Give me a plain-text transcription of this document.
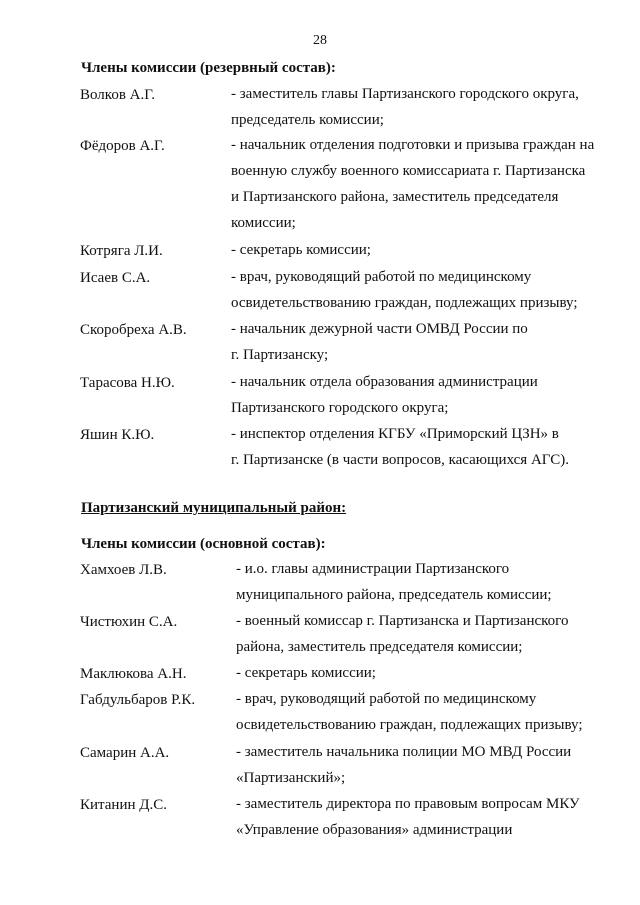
28
Члены комиссии (резервный состав):
Волков А.Г.	- заместитель главы Партизанского городского округа,
председатель комиссии;
Фёдоров А.Г.	- начальник отделения подготовки и призыва граждан на
военную службу военного комиссариата г. Партизанска
и Партизанского района, заместитель председателя
комиссии;
Котряга Л.И.	- секретарь комиссии;
Исаев С.А.	- врач, руководящий работой по медицинскому
освидетельствованию граждан, подлежащих призыву;
Скоробреха А.В.	- начальник дежурной части ОМВД России по
г. Партизанску;
Тарасова Н.Ю.	- начальник отдела образования администрации
Партизанского городского округа;
Яшин К.Ю.	- инспектор отделения КГБУ «Приморский ЦЗН» в
г. Партизанске (в части вопросов, касающихся АГС).
Партизанский муниципальный район:
Члены комиссии (основной состав):
Хамхоев Л.В.	- и.о. главы администрации Партизанского
муниципального района, председатель комиссии;
Чистюхин С.А.	- военный комиссар г. Партизанска и Партизанского
района, заместитель председателя комиссии;
Маклюкова А.Н.	- секретарь комиссии;
Габдульбаров Р.К.	- врач, руководящий работой по медицинскому
освидетельствованию граждан, подлежащих призыву;
Самарин А.А.	- заместитель начальника полиции МО МВД России
«Партизанский»;
Китанин Д.С.	- заместитель директора по правовым вопросам МКУ
«Управление образования» администрации
